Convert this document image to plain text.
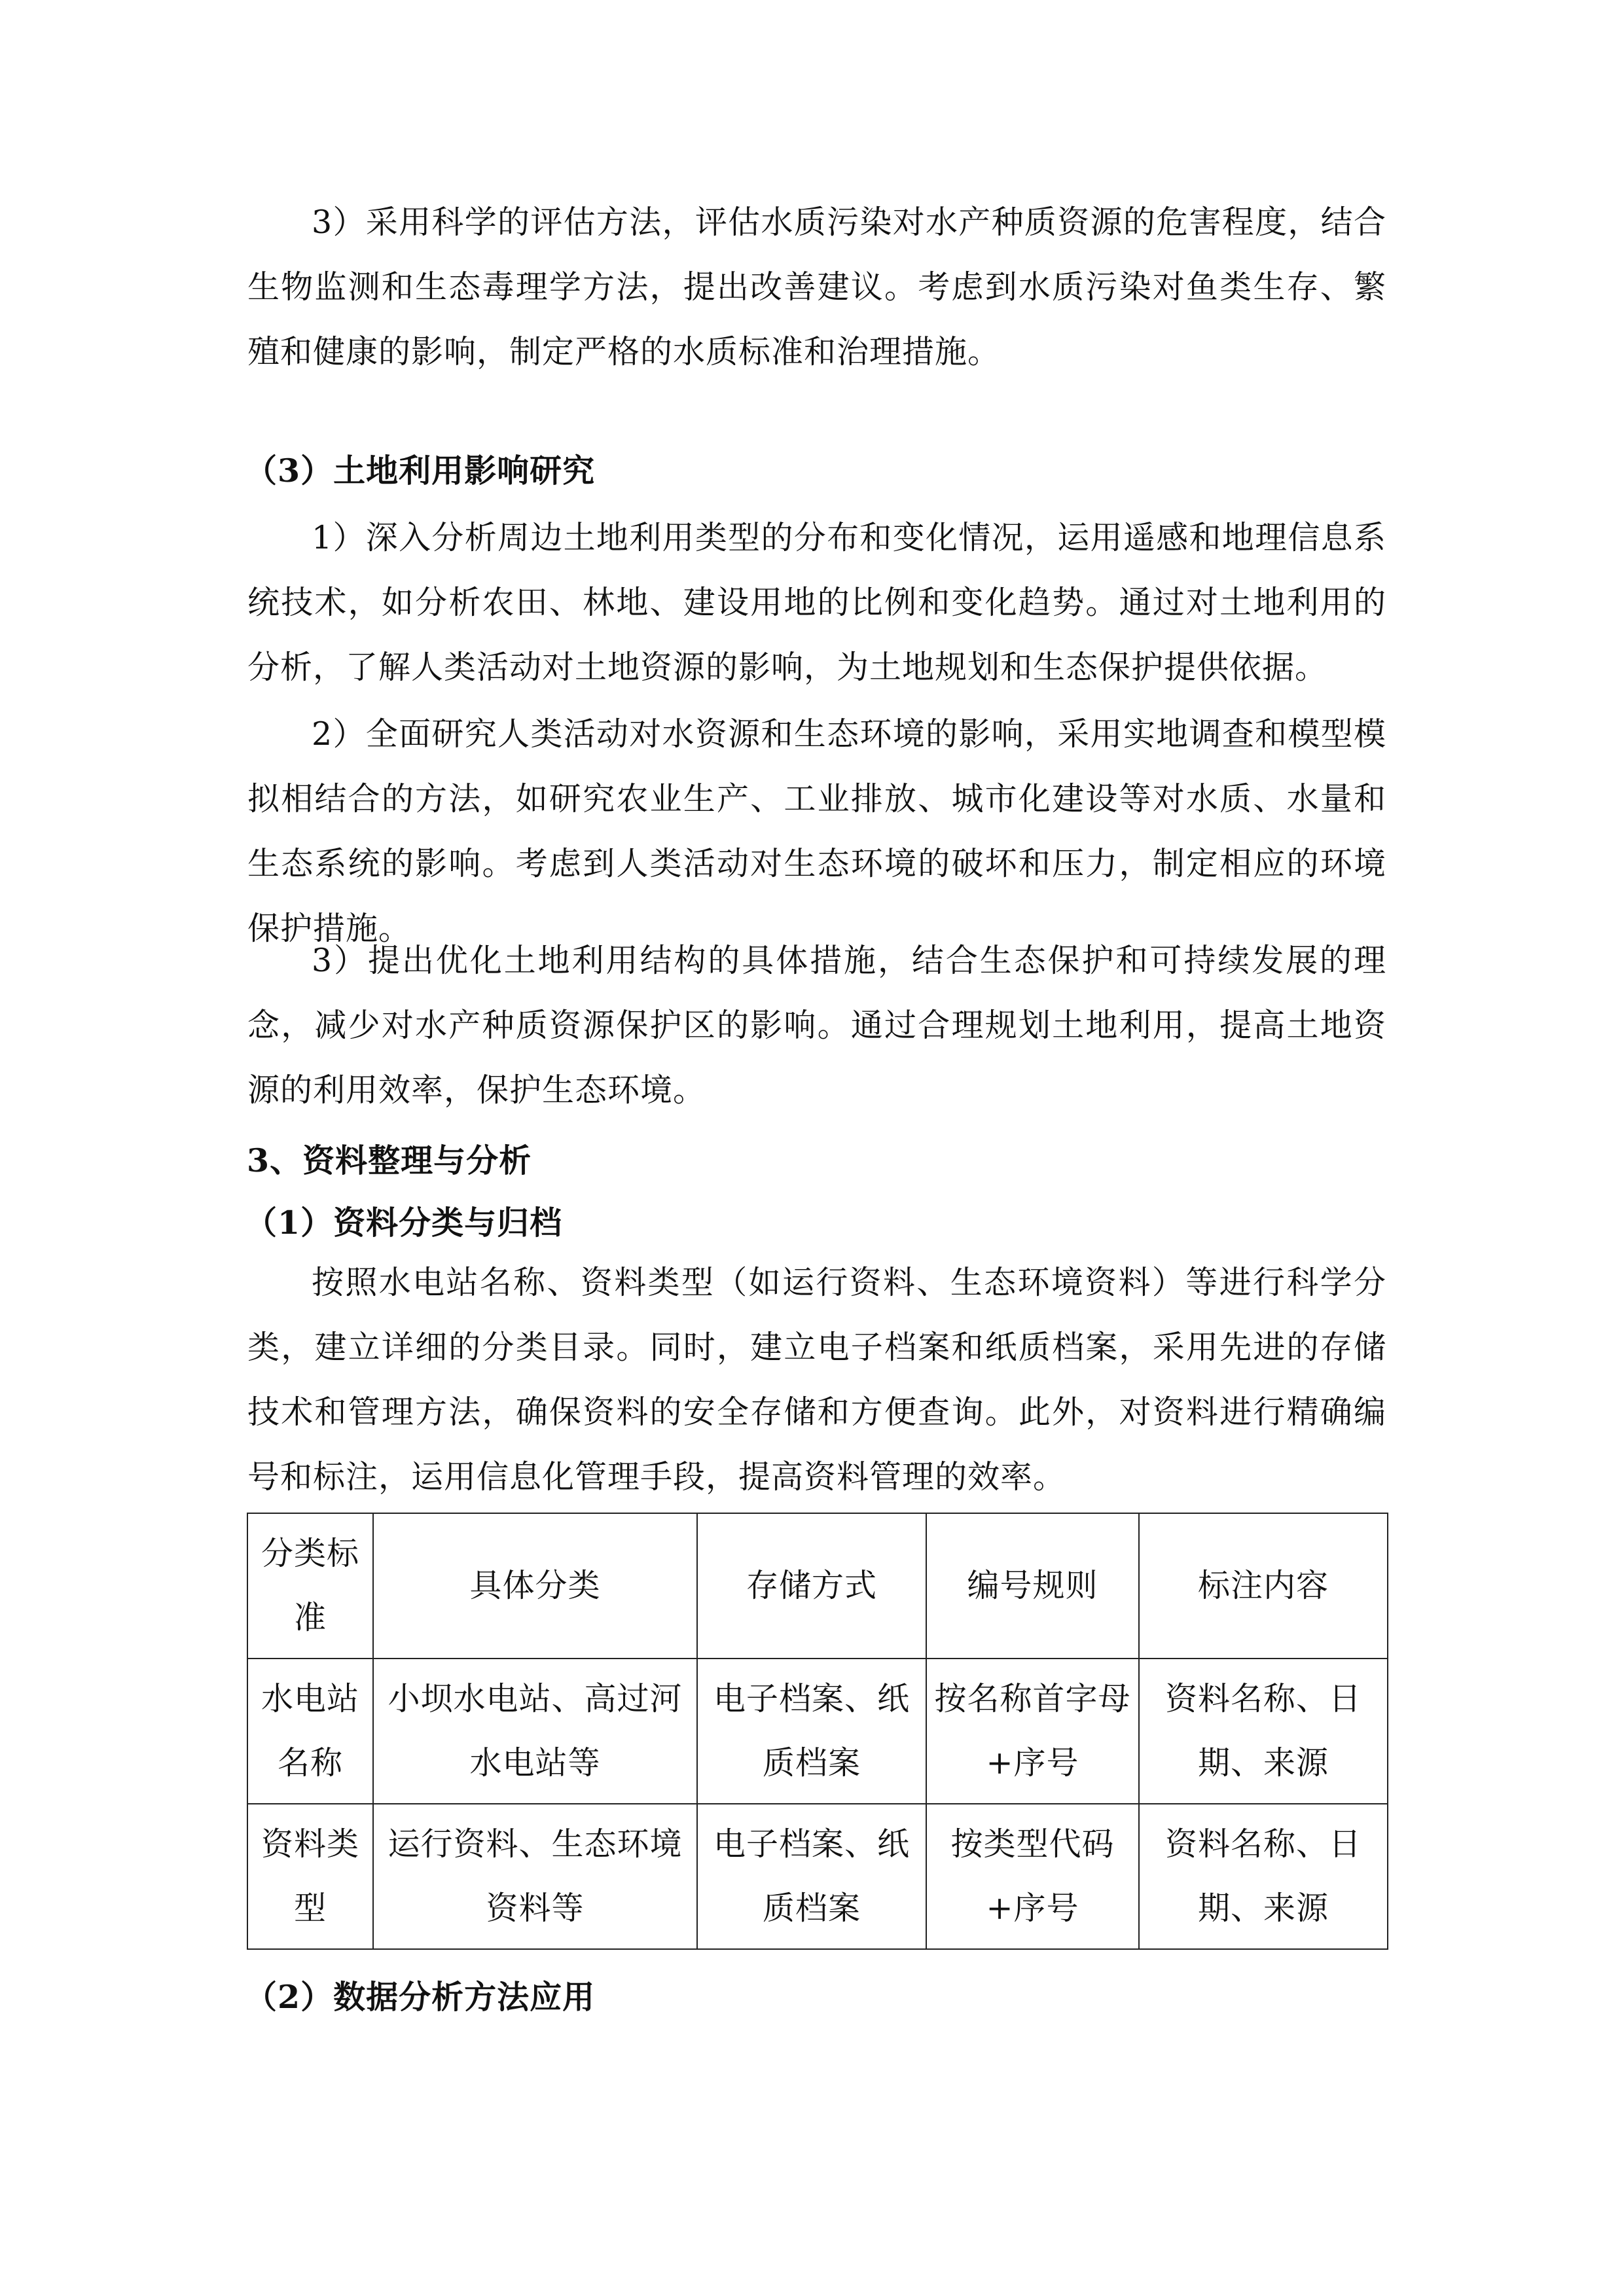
3）采用科学的评估方法，评估水质污染对水产种质资源的危害程度，结合生物监测和生态毒理学方法，提出改善建议。考虑到水质污染对鱼类生存、繁殖和健康的影响，制定严格的水质标准和治理措施。

（3）土地利用影响研究

1）深入分析周边土地利用类型的分布和变化情况，运用遥感和地理信息系统技术，如分析农田、林地、建设用地的比例和变化趋势。通过对土地利用的分析，了解人类活动对土地资源的影响，为土地规划和生态保护提供依据。

2）全面研究人类活动对水资源和生态环境的影响，采用实地调查和模型模拟相结合的方法，如研究农业生产、工业排放、城市化建设等对水质、水量和生态系统的影响。考虑到人类活动对生态环境的破坏和压力，制定相应的环境保护措施。

3）提出优化土地利用结构的具体措施，结合生态保护和可持续发展的理念，减少对水产种质资源保护区的影响。通过合理规划土地利用，提高土地资源的利用效率，保护生态环境。

3、资料整理与分析
（1）资料分类与归档

按照水电站名称、资料类型（如运行资料、生态环境资料）等进行科学分类，建立详细的分类目录。同时，建立电子档案和纸质档案，采用先进的存储技术和管理方法，确保资料的安全存储和方便查询。此外，对资料进行精确编号和标注，运用信息化管理手段，提高资料管理的效率。

分类标准	具体分类	存储方式	编号规则	标注内容
水电站名称	小坝水电站、高过河水电站等	电子档案、纸质档案	按名称首字母+序号	资料名称、日期、来源
资料类型	运行资料、生态环境资料等	电子档案、纸质档案	按类型代码+序号	资料名称、日期、来源
（2）数据分析方法应用
